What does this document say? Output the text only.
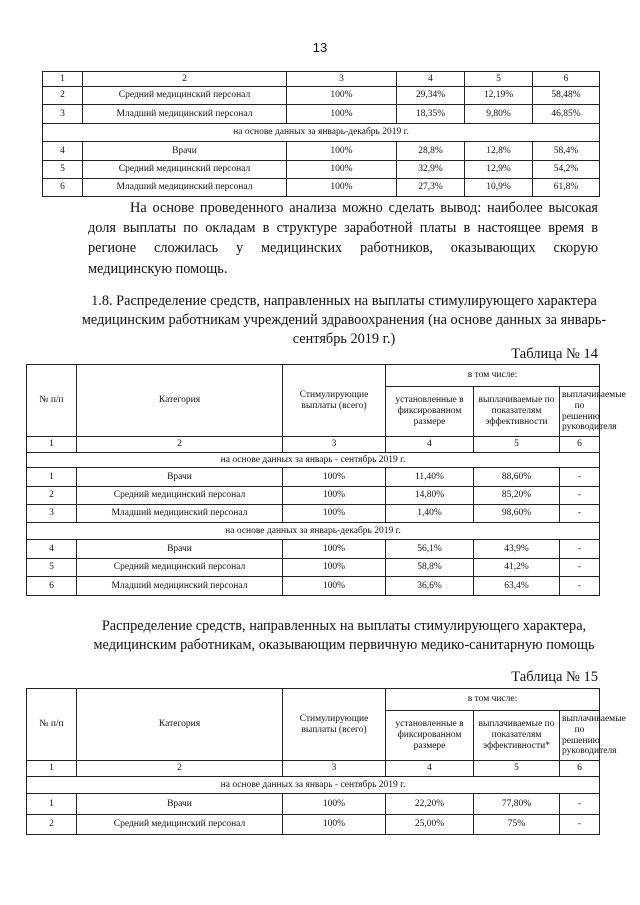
13
1	2	3	4	5	6
2	Средний медицинский персонал	100%	29,34%	12,19%	58,48%
3	Младший медицинский персонал	100%	18,35%	9,80%	46,85%
на основе данных за январь-декабрь 2019 г.					
4	Врачи	100%	28,8%	12,8%	58,4%
5	Средний медицинский персонал	100%	32,9%	12,9%	54,2%
6	Младший медицинский персонал	100%	27,3%	10,9%	61,8%
На основе проведенного анализа можно сделать вывод: наиболее высокая доля выплаты по окладам в структуре заработной платы в настоящее время в регионе сложилась у медицинских работников, оказывающих скорую медицинскую помощь.
1.8. Распределение средств, направленных на выплаты стимулирующего характера медицинским работникам учреждений здравоохранения (на основе данных за январь-сентябрь 2019 г.)
Таблица № 14
№ п/п	Категория	Стимулирующие выплаты (всего)	в том числе:		
			установленные в фиксированном размере	выплачиваемые по показателям эффективности	выплачиваемые по решению руководителя
1	2	3	4	5	6
на основе данных за январь - сентябрь 2019 г.					
1	Врачи	100%	11,40%	88,60%	-
2	Средний медицинский персонал	100%	14,80%	85,20%	-
3	Младший медицинский персонал	100%	1,40%	98,60%	-
на основе данных за январь-декабрь 2019 г.					
4	Врачи	100%	56,1%	43,9%	-
5	Средний медицинский персонал	100%	58,8%	41,2%	-
6	Младший медицинский персонал	100%	36,6%	63,4%	-
Распределение средств, направленных на выплаты стимулирующего характера, медицинским работникам, оказывающим первичную медико-санитарную помощь
Таблица № 15
№ п/п	Категория	Стимулирующие выплаты (всего)	в том числе:		
			установленные в фиксированном размере	выплачиваемые по показателям эффективности*	выплачиваемые по решению руководителя
1	2	3	4	5	6
на основе данных за январь - сентябрь 2019 г.					
1	Врачи	100%	22,20%	77,80%	-
2	Средний медицинский персонал	100%	25,00%	75%	-
